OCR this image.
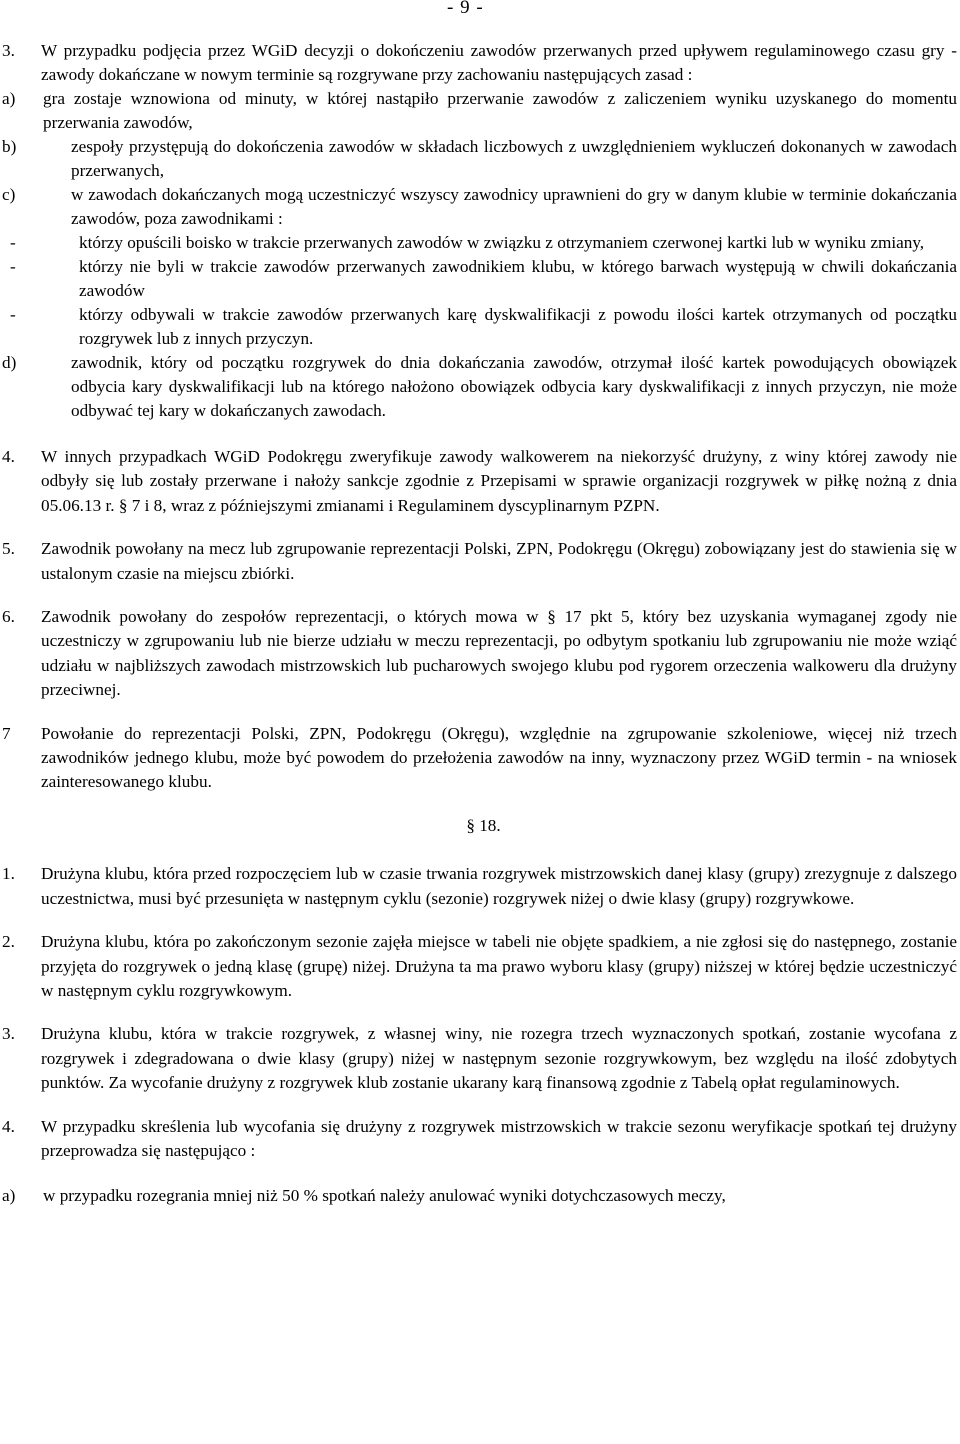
- 9 -
3.	W przypadku podjęcia przez WGiD decyzji o dokończeniu zawodów przerwanych przed upływem regulaminowego czasu gry - zawody dokańczane w nowym terminie są rozgrywane przy zachowaniu następujących zasad :
a)	gra zostaje wznowiona od minuty, w której nastąpiło przerwanie zawodów z zaliczeniem wyniku uzyskanego do momentu przerwania zawodów,
b)	zespoły przystępują do dokończenia zawodów w składach liczbowych z uwzględnieniem wykluczeń dokonanych w zawodach przerwanych,
c)	w zawodach dokańczanych mogą uczestniczyć wszyscy zawodnicy uprawnieni do gry w danym klubie w terminie dokańczania zawodów, poza zawodnikami :
-	którzy opuścili boisko w trakcie przerwanych zawodów w związku z otrzymaniem czerwonej kartki lub w wyniku zmiany,
-	którzy nie byli w trakcie zawodów przerwanych zawodnikiem klubu, w którego barwach występują w chwili dokańczania zawodów
-	którzy odbywali w trakcie zawodów przerwanych karę dyskwalifikacji z powodu ilości kartek otrzymanych od początku rozgrywek lub z innych przyczyn.
d)	zawodnik, który od początku rozgrywek do dnia dokańczania zawodów, otrzymał ilość kartek powodujących obowiązek odbycia kary dyskwalifikacji lub na którego nałożono obowiązek odbycia kary dyskwalifikacji z innych przyczyn, nie może odbywać tej kary w dokańczanych zawodach.
4.	W innych przypadkach WGiD Podokręgu zweryfikuje zawody walkowerem na niekorzyść drużyny, z winy której zawody nie odbyły się lub zostały przerwane i nałoży sankcje zgodnie z Przepisami w sprawie organizacji rozgrywek w piłkę nożną z dnia 05.06.13 r. § 7 i 8, wraz z późniejszymi zmianami i Regulaminem dyscyplinarnym PZPN.
5.	Zawodnik powołany na mecz lub zgrupowanie reprezentacji Polski, ZPN, Podokręgu (Okręgu) zobowiązany jest do stawienia się w ustalonym czasie na miejscu zbiórki.
6.	Zawodnik powołany do zespołów reprezentacji, o których mowa w § 17 pkt 5, który bez uzyskania wymaganej zgody nie uczestniczy w zgrupowaniu lub nie bierze udziału w meczu reprezentacji, po odbytym spotkaniu lub zgrupowaniu nie może wziąć udziału w najbliższych zawodach mistrzowskich lub pucharowych swojego klubu pod rygorem orzeczenia walkoweru dla drużyny przeciwnej.
7	Powołanie do reprezentacji Polski, ZPN, Podokręgu (Okręgu), względnie na zgrupowanie szkoleniowe, więcej niż trzech zawodników jednego klubu, może być powodem do przełożenia zawodów na inny, wyznaczony przez WGiD termin - na wniosek zainteresowanego klubu.
§ 18.
1.	Drużyna klubu, która przed rozpoczęciem lub w czasie trwania rozgrywek mistrzowskich danej klasy (grupy) zrezygnuje z dalszego uczestnictwa, musi być przesunięta w następnym cyklu (sezonie) rozgrywek niżej o dwie klasy (grupy) rozgrywkowe.
2.	Drużyna klubu, która po zakończonym sezonie zajęła miejsce w tabeli nie objęte spadkiem, a nie zgłosi się do następnego, zostanie przyjęta do rozgrywek o jedną klasę (grupę) niżej. Drużyna ta ma prawo wyboru klasy (grupy) niższej w której będzie uczestniczyć w następnym cyklu rozgrywkowym.
3.	Drużyna klubu, która w trakcie rozgrywek, z własnej winy, nie rozegra trzech wyznaczonych spotkań, zostanie wycofana z rozgrywek i zdegradowana o dwie klasy (grupy) niżej w następnym sezonie rozgrywkowym, bez względu na ilość zdobytych punktów. Za wycofanie drużyny z rozgrywek klub zostanie ukarany karą finansową zgodnie z Tabelą opłat regulaminowych.
4.	W przypadku skreślenia lub wycofania się drużyny z rozgrywek mistrzowskich w trakcie sezonu weryfikacje spotkań tej drużyny przeprowadza się następująco :
a)	w przypadku rozegrania mniej niż 50 % spotkań należy anulować wyniki dotychczasowych meczy,
